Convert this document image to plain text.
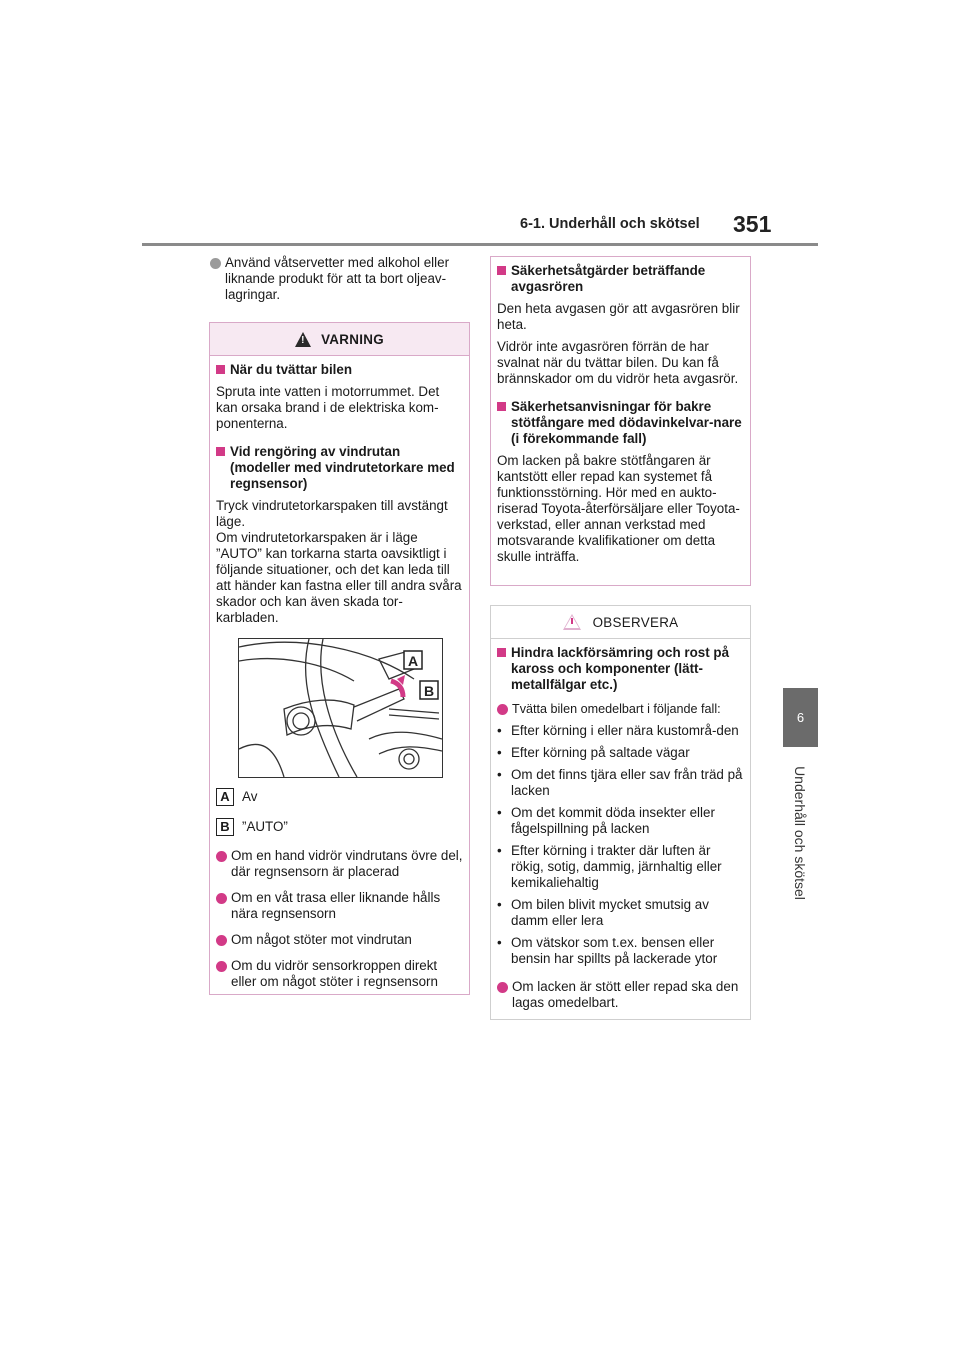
6-1. Underhåll och skötsel 351
6
Underhåll och skötsel
Använd våtservetter med alkohol eller liknande produkt för att ta bort oljeav-lagringar.
!
VARNING
När du tvättar bilen
Spruta inte vatten i motorrummet. Det kan orsaka brand i de elektriska kom-ponenterna.
Vid rengöring av vindrutan (modeller med vindrutetorkare med regnsensor)
Tryck vindrutetorkarspaken till avstängt läge.
Om vindrutetorkarspaken är i läge ”AUTO” kan torkarna starta oavsiktligt i följande situationer, och det kan leda till att händer kan fastna eller till andra svåra skador och kan även skada tor-karbladen.
A
B
A Av
B ”AUTO”
Om en hand vidrör vindrutans övre del, där regnsensorn är placerad
Om en våt trasa eller liknande hålls nära regnsensorn
Om något stöter mot vindrutan
Om du vidrör sensorkroppen direkt eller om något stöter i regnsensorn
Säkerhetsåtgärder beträffande avgasrören
Den heta avgasen gör att avgasrören blir heta.
Vidrör inte avgasrören förrän de har svalnat när du tvättar bilen. Du kan få brännskador om du vidrör heta avgasrör.
Säkerhetsanvisningar för bakre stötfångare med dödavinkelvar-nare (i förekommande fall)
Om lacken på bakre stötfångaren är kantstött eller repad kan systemet få funktionsstörning. Hör med en aukto-riserad Toyota-återförsäljare eller Toyota-verkstad, eller annan verkstad med motsvarande kvalifikationer om detta skulle inträffa.
OBSERVERA
Hindra lackförsämring och rost på kaross och komponenter (lätt-metallfälgar etc.)
Tvätta bilen omedelbart i följande fall:
• Efter körning i eller nära kustområ-den
• Efter körning på saltade vägar
• Om det finns tjära eller sav från träd på lacken
• Om det kommit döda insekter eller fågelspillning på lacken
• Efter körning i trakter där luften är rökig, sotig, dammig, järnhaltig eller kemikaliehaltig
• Om bilen blivit mycket smutsig av damm eller lera
• Om vätskor som t.ex. bensen eller bensin har spillts på lackerade ytor
Om lacken är stött eller repad ska den lagas omedelbart.
